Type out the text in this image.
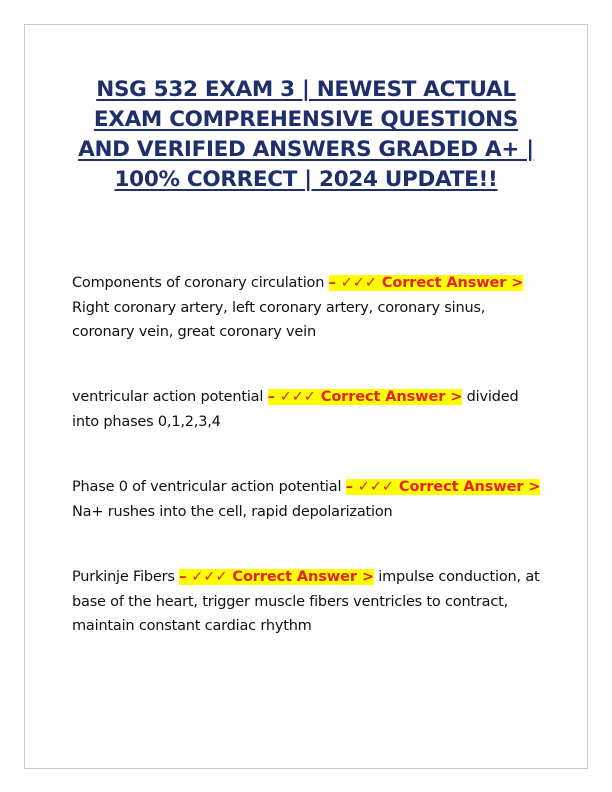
NSG 532 EXAM 3 | NEWEST ACTUAL EXAM COMPREHENSIVE QUESTIONS AND VERIFIED ANSWERS GRADED A+ | 100% CORRECT | 2024 UPDATE!!

Components of coronary circulation – ✓✓✓ Correct Answer > Right coronary artery, left coronary artery, coronary sinus, coronary vein, great coronary vein

ventricular action potential – ✓✓✓ Correct Answer > divided into phases 0,1,2,3,4

Phase 0 of ventricular action potential – ✓✓✓ Correct Answer > Na+ rushes into the cell, rapid depolarization

Purkinje Fibers – ✓✓✓ Correct Answer > impulse conduction, at base of the heart, trigger muscle fibers ventricles to contract, maintain constant cardiac rhythm
